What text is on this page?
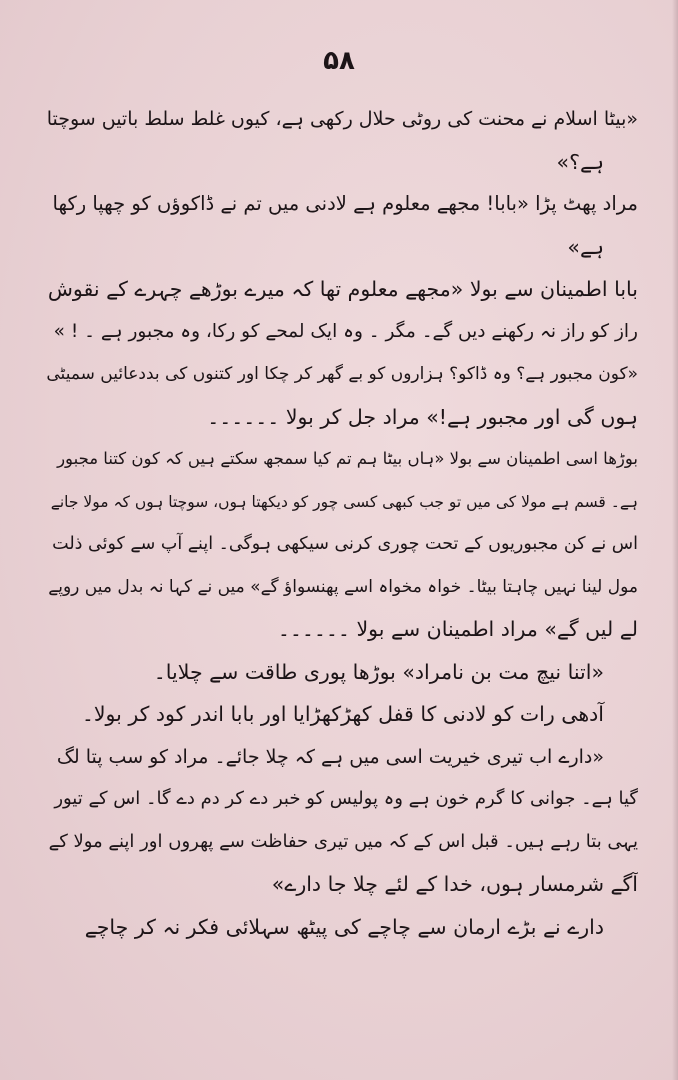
۵۸
«بیٹا اسلام نے محنت کی روٹی حلال رکھی ہے، کیوں غلط سلط باتیں سوچتا
ہے؟»
مراد پھٹ پڑا «بابا! مجھے معلوم ہے لادنی میں تم نے ڈاکوؤں کو چھپا رکھا
ہے»
بابا اطمینان سے بولا «مجھے معلوم تھا کہ میرے بوڑھے چہرے کے نقوش
راز کو راز نہ رکھنے دیں گے۔ مگر ۔ وہ ایک لمحے کو رکا، وہ مجبور ہے ۔ ! »
«کون مجبور ہے؟ وہ ڈاکو؟ ہزاروں کو بے گھر کر چکا اور کتنوں کی بددعائیں سمیٹی
ہوں گی اور مجبور ہے!» مراد جل کر بولا ۔۔۔۔۔۔
بوڑھا اسی اطمینان سے بولا «ہاں بیٹا ہم تم کیا سمجھ سکتے ہیں کہ کون کتنا مجبور
ہے۔ قسم ہے مولا کی میں تو جب کبھی کسی چور کو دیکھتا ہوں، سوچتا ہوں کہ مولا جانے
اس نے کن مجبوریوں کے تحت چوری کرنی سیکھی ہوگی۔ اپنے آپ سے کوئی ذلت
مول لینا نہیں چاہتا بیٹا۔ خواہ مخواہ اسے پھنسواؤ گے» میں نے کہا نہ بدل میں روپے
لے لیں گے» مراد اطمینان سے بولا ۔۔۔۔۔۔
«اتنا نیچ مت بن نامراد» بوڑھا پوری طاقت سے چلایا۔
آدھی رات کو لادنی کا قفل کھڑکھڑایا اور بابا اندر کود کر بولا۔
«دارے اب تیری خیریت اسی میں ہے کہ چلا جائے۔ مراد کو سب پتا لگ
گیا ہے۔ جوانی کا گرم خون ہے وہ پولیس کو خبر دے کر دم دے گا۔ اس کے تیور
یہی بتا رہے ہیں۔ قبل اس کے کہ میں تیری حفاظت سے پھروں اور اپنے مولا کے
آگے شرمسار ہوں، خدا کے لئے چلا جا دارے»
دارے نے بڑے ارمان سے چاچے کی پیٹھ سہلائی فکر نہ کر چاچے
